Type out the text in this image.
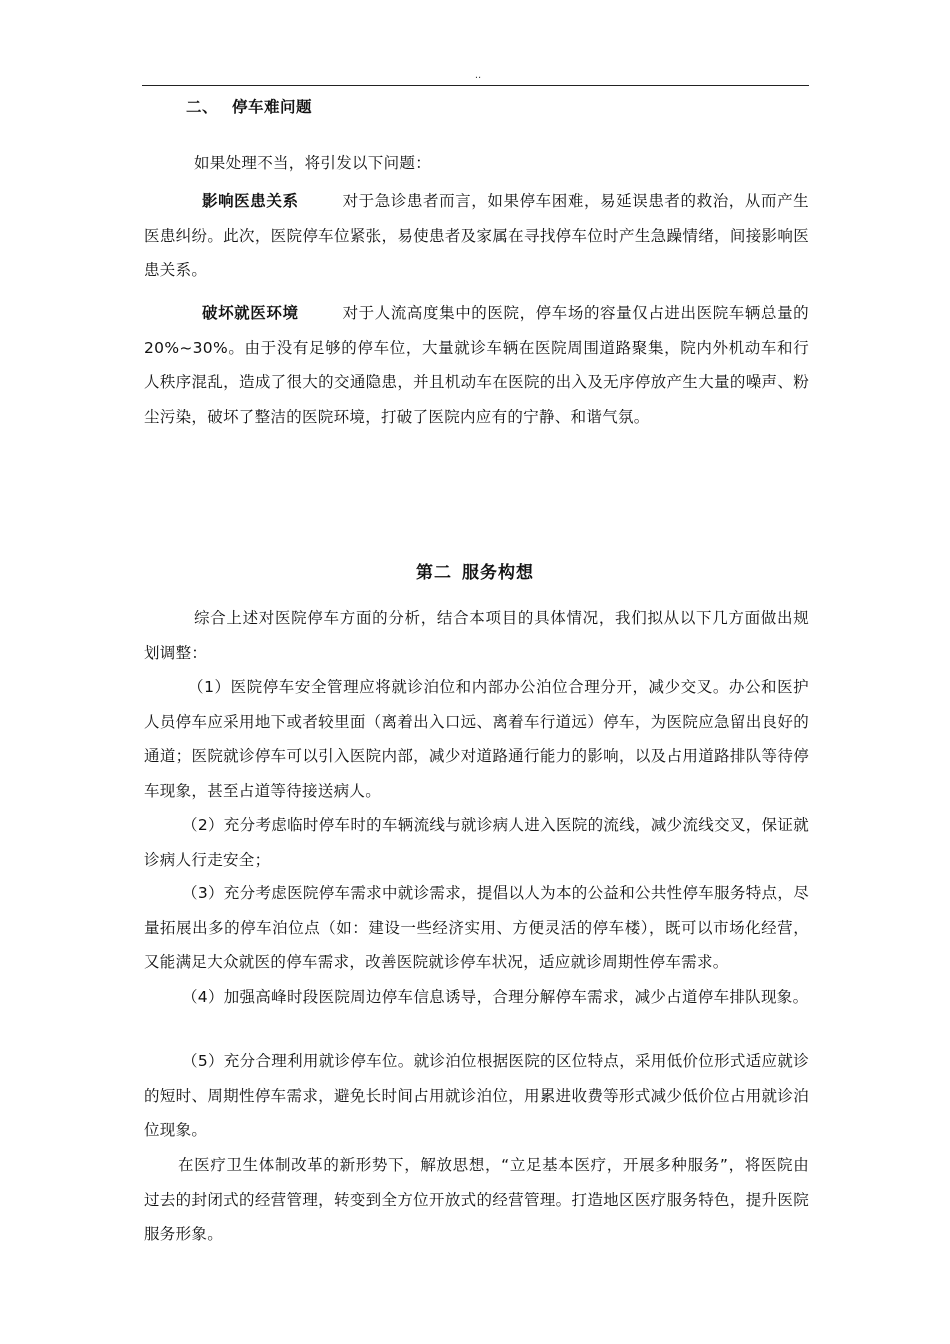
..
二、 停车难问题

如果处理不当，将引发以下问题：

影响医患关系	对于急诊患者而言，如果停车困难，易延误患者的救治，从而产生医患纠纷。此次，医院停车位紧张，易使患者及家属在寻找停车位时产生急躁情绪，间接影响医患关系。

破坏就医环境	对于人流高度集中的医院，停车场的容量仅占进出医院车辆总量的 20%~30%。由于没有足够的停车位，大量就诊车辆在医院周围道路聚集，院内外机动车和行人秩序混乱，造成了很大的交通隐患，并且机动车在医院的出入及无序停放产生大量的噪声、粉尘污染，破坏了整洁的医院环境，打破了医院内应有的宁静、和谐气氛。

第二 服务构想

综合上述对医院停车方面的分析，结合本项目的具体情况，我们拟从以下几方面做出规划调整：

（1）医院停车安全管理应将就诊泊位和内部办公泊位合理分开，减少交叉。办公和医护人员停车应采用地下或者较里面（离着出入口远、离着车行道远）停车，为医院应急留出良好的通道；医院就诊停车可以引入医院内部，减少对道路通行能力的影响，以及占用道路排队等待停车现象，甚至占道等待接送病人。

（2）充分考虑临时停车时的车辆流线与就诊病人进入医院的流线，减少流线交叉，保证就诊病人行走安全；

（3）充分考虑医院停车需求中就诊需求，提倡以人为本的公益和公共性停车服务特点，尽量拓展出多的停车泊位点（如：建设一些经济实用、方便灵活的停车楼），既可以市场化经营，又能满足大众就医的停车需求，改善医院就诊停车状况，适应就诊周期性停车需求。

（4）加强高峰时段医院周边停车信息诱导，合理分解停车需求，减少占道停车排队现象。

（5）充分合理利用就诊停车位。就诊泊位根据医院的区位特点，采用低价位形式适应就诊的短时、周期性停车需求，避免长时间占用就诊泊位，用累进收费等形式减少低价位占用就诊泊位现象。

在医疗卫生体制改革的新形势下，解放思想，“立足基本医疗，开展多种服务”，将医院由过去的封闭式的经营管理，转变到全方位开放式的经营管理。打造地区医疗服务特色，提升医院服务形象。
